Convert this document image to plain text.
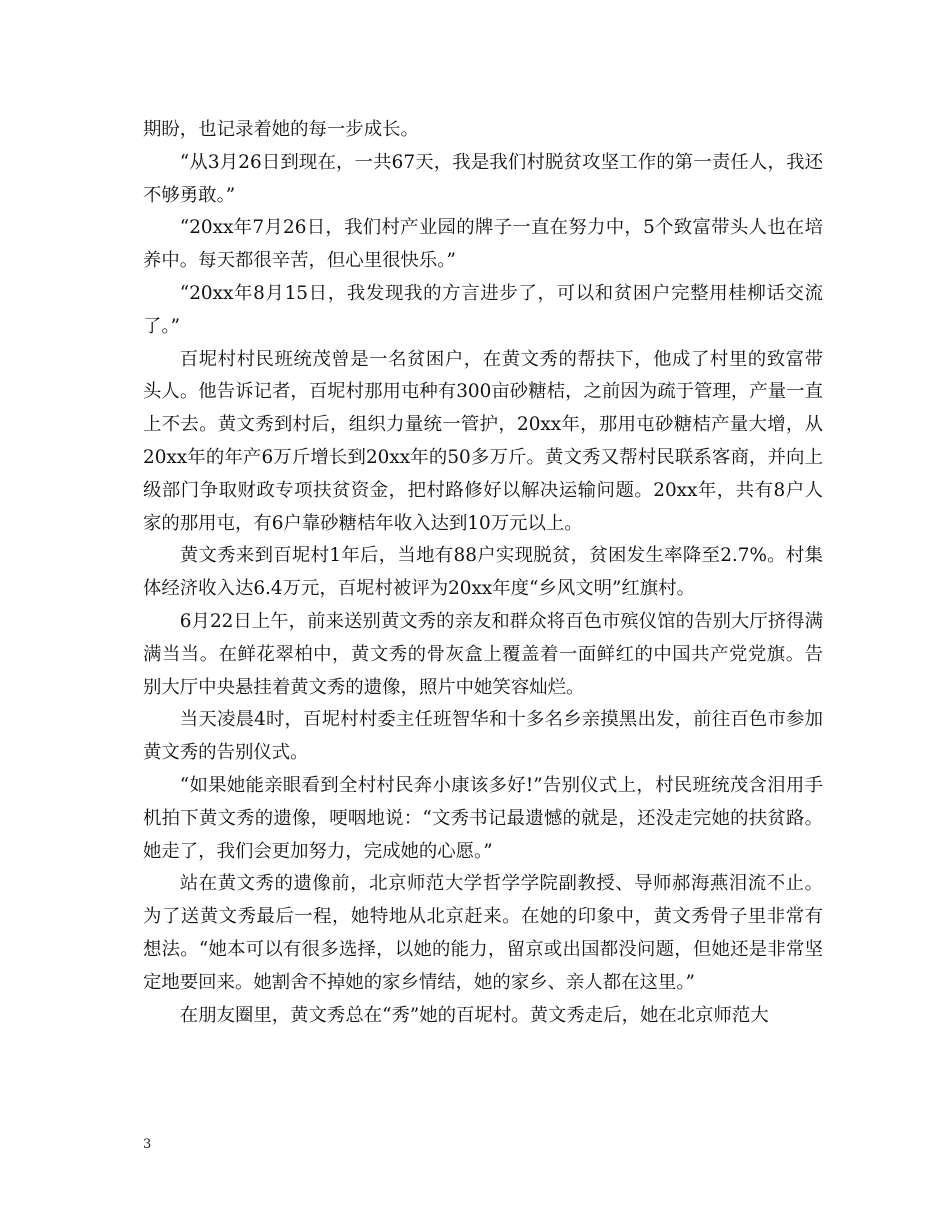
期盼，也记录着她的每一步成长。

“从3月26日到现在，一共67天，我是我们村脱贫攻坚工作的第一责任人，我还不够勇敢。”

“20xx年7月26日，我们村产业园的牌子一直在努力中，5个致富带头人也在培养中。每天都很辛苦，但心里很快乐。”

“20xx年8月15日，我发现我的方言进步了，可以和贫困户完整用桂柳话交流了。”

百坭村村民班统茂曾是一名贫困户，在黄文秀的帮扶下，他成了村里的致富带头人。他告诉记者，百坭村那用屯种有300亩砂糖桔，之前因为疏于管理，产量一直上不去。黄文秀到村后，组织力量统一管护，20xx年，那用屯砂糖桔产量大增，从20xx年的年产6万斤增长到20xx年的50多万斤。黄文秀又帮村民联系客商，并向上级部门争取财政专项扶贫资金，把村路修好以解决运输问题。20xx年，共有8户人家的那用屯，有6户靠砂糖桔年收入达到10万元以上。

黄文秀来到百坭村1年后，当地有88户实现脱贫，贫困发生率降至2.7%。村集体经济收入达6.4万元，百坭村被评为20xx年度“乡风文明”红旗村。

6月22日上午，前来送别黄文秀的亲友和群众将百色市殡仪馆的告别大厅挤得满满当当。在鲜花翠柏中，黄文秀的骨灰盒上覆盖着一面鲜红的中国共产党党旗。告别大厅中央悬挂着黄文秀的遗像，照片中她笑容灿烂。

当天凌晨4时，百坭村村委主任班智华和十多名乡亲摸黑出发，前往百色市参加黄文秀的告别仪式。

“如果她能亲眼看到全村村民奔小康该多好!”告别仪式上，村民班统茂含泪用手机拍下黄文秀的遗像，哽咽地说：“文秀书记最遗憾的就是，还没走完她的扶贫路。她走了，我们会更加努力，完成她的心愿。”

站在黄文秀的遗像前，北京师范大学哲学学院副教授、导师郝海燕泪流不止。为了送黄文秀最后一程，她特地从北京赶来。在她的印象中，黄文秀骨子里非常有想法。“她本可以有很多选择，以她的能力，留京或出国都没问题，但她还是非常坚定地要回来。她割舍不掉她的家乡情结，她的家乡、亲人都在这里。”

在朋友圈里，黄文秀总在“秀”她的百坭村。黄文秀走后，她在北京师范大

3
